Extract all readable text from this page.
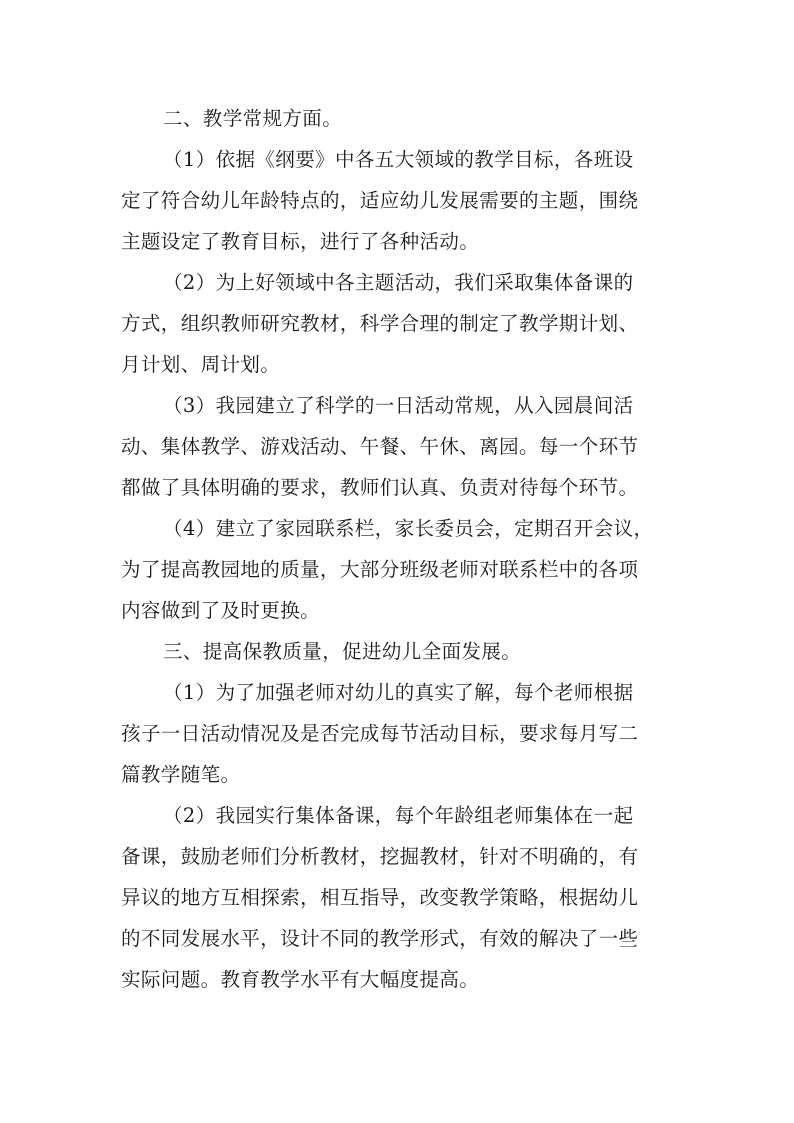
二、教学常规方面。

（1）依据《纲要》中各五大领域的教学目标，各班设
定了符合幼儿年龄特点的，适应幼儿发展需要的主题，围绕
主题设定了教育目标，进行了各种活动。

（2）为上好领域中各主题活动，我们采取集体备课的
方式，组织教师研究教材，科学合理的制定了教学期计划、
月计划、周计划。

（3）我园建立了科学的一日活动常规，从入园晨间活
动、集体教学、游戏活动、午餐、午休、离园。每一个环节
都做了具体明确的要求，教师们认真、负责对待每个环节。

（4）建立了家园联系栏，家长委员会，定期召开会议，
为了提高教园地的质量，大部分班级老师对联系栏中的各项
内容做到了及时更换。

三、提高保教质量，促进幼儿全面发展。

（1）为了加强老师对幼儿的真实了解，每个老师根据
孩子一日活动情况及是否完成每节活动目标，要求每月写二
篇教学随笔。

（2）我园实行集体备课，每个年龄组老师集体在一起
备课，鼓励老师们分析教材，挖掘教材，针对不明确的，有
异议的地方互相探索，相互指导，改变教学策略，根据幼儿
的不同发展水平，设计不同的教学形式，有效的解决了一些
实际问题。教育教学水平有大幅度提高。
